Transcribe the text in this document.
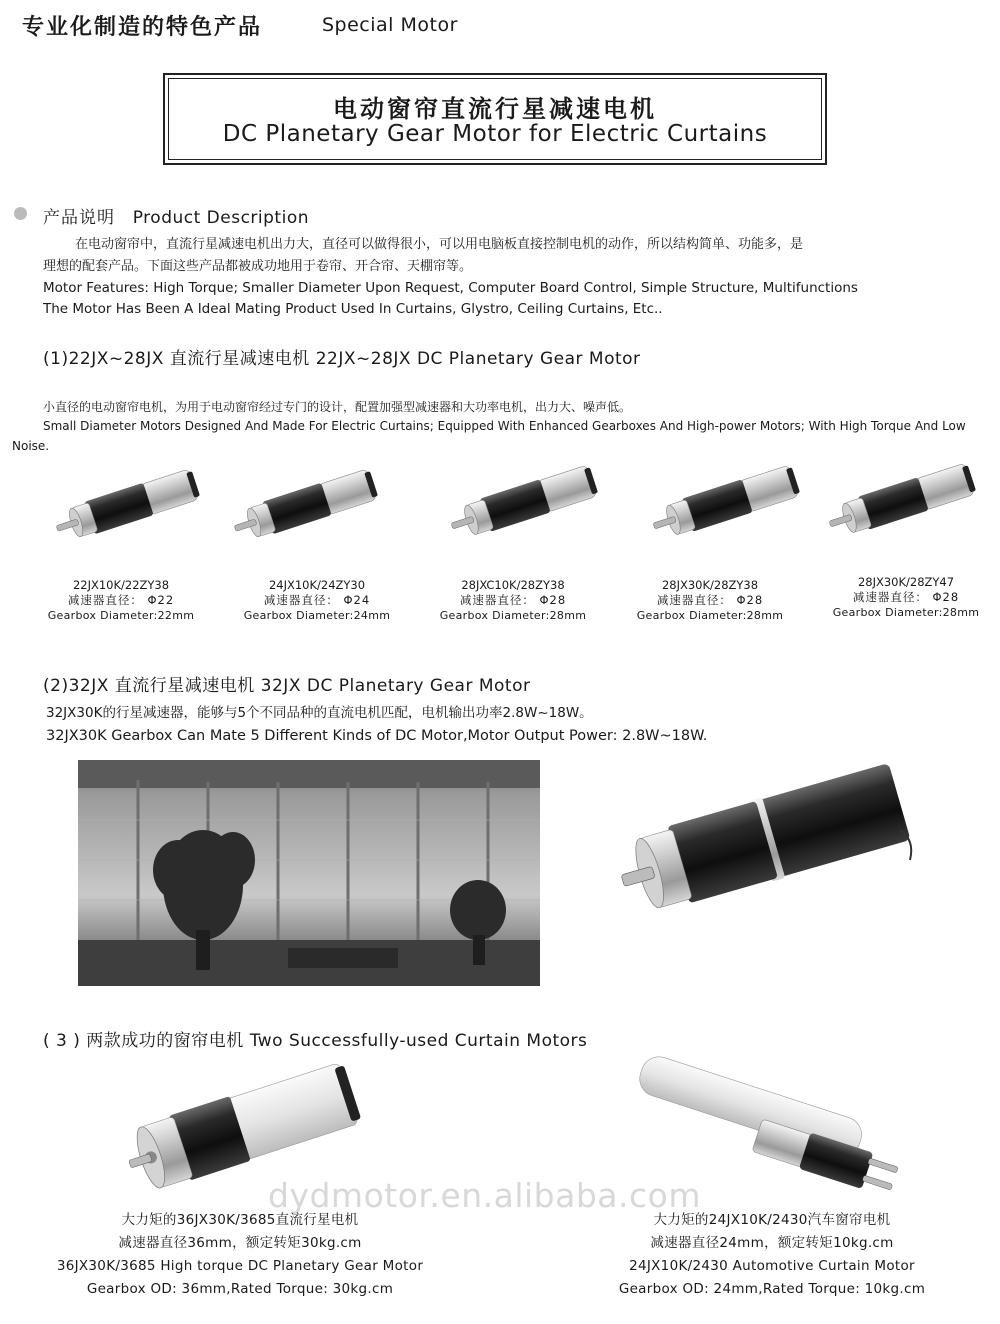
专业化制造的特色产品	Special Motor
电动窗帘直流行星减速电机
DC Planetary Gear Motor for Electric Curtains
产品说明 Product Description
在电动窗帘中，直流行星减速电机出力大，直径可以做得很小，可以用电脑板直接控制电机的动作，所以结构简单、功能多，是
理想的配套产品。下面这些产品都被成功地用于卷帘、开合帘、天棚帘等。
Motor Features: High Torque; Smaller Diameter Upon Request, Computer Board Control, Simple Structure, Multifunctions
The Motor Has Been A Ideal Mating Product Used In Curtains, Glystro, Ceiling Curtains, Etc..
(1)22JX~28JX 直流行星减速电机 22JX~28JX DC Planetary Gear Motor
小直径的电动窗帘电机，为用于电动窗帘经过专门的设计，配置加强型减速器和大功率电机，出力大、噪声低。
Small Diameter Motors Designed And Made For Electric Curtains; Equipped With Enhanced Gearboxes And High-power Motors; With High Torque And Low
Noise.
22JX10K/22ZY38
减速器直径： Φ22
Gearbox Diameter:22mm
24JX10K/24ZY30
减速器直径： Φ24
Gearbox Diameter:24mm
28JXC10K/28ZY38
减速器直径： Φ28
Gearbox Diameter:28mm
28JX30K/28ZY38
减速器直径： Φ28
Gearbox Diameter:28mm
28JX30K/28ZY47
减速器直径： Φ28
Gearbox Diameter:28mm
(2)32JX 直流行星减速电机 32JX DC Planetary Gear Motor
32JX30K的行星减速器，能够与5个不同品种的直流电机匹配，电机输出功率2.8W~18W。
32JX30K Gearbox Can Mate 5 Different Kinds of DC Motor,Motor Output Power: 2.8W~18W.
( 3 ) 两款成功的窗帘电机 Two Successfully-used Curtain Motors
dydmotor.en.alibaba.com
大力矩的36JX30K/3685直流行星电机
减速器直径36mm，额定转矩30kg.cm
36JX30K/3685 High torque DC Planetary Gear Motor
Gearbox OD: 36mm,Rated Torque: 30kg.cm
大力矩的24JX10K/2430汽车窗帘电机
减速器直径24mm，额定转矩10kg.cm
24JX10K/2430 Automotive Curtain Motor
Gearbox OD: 24mm,Rated Torque: 10kg.cm
